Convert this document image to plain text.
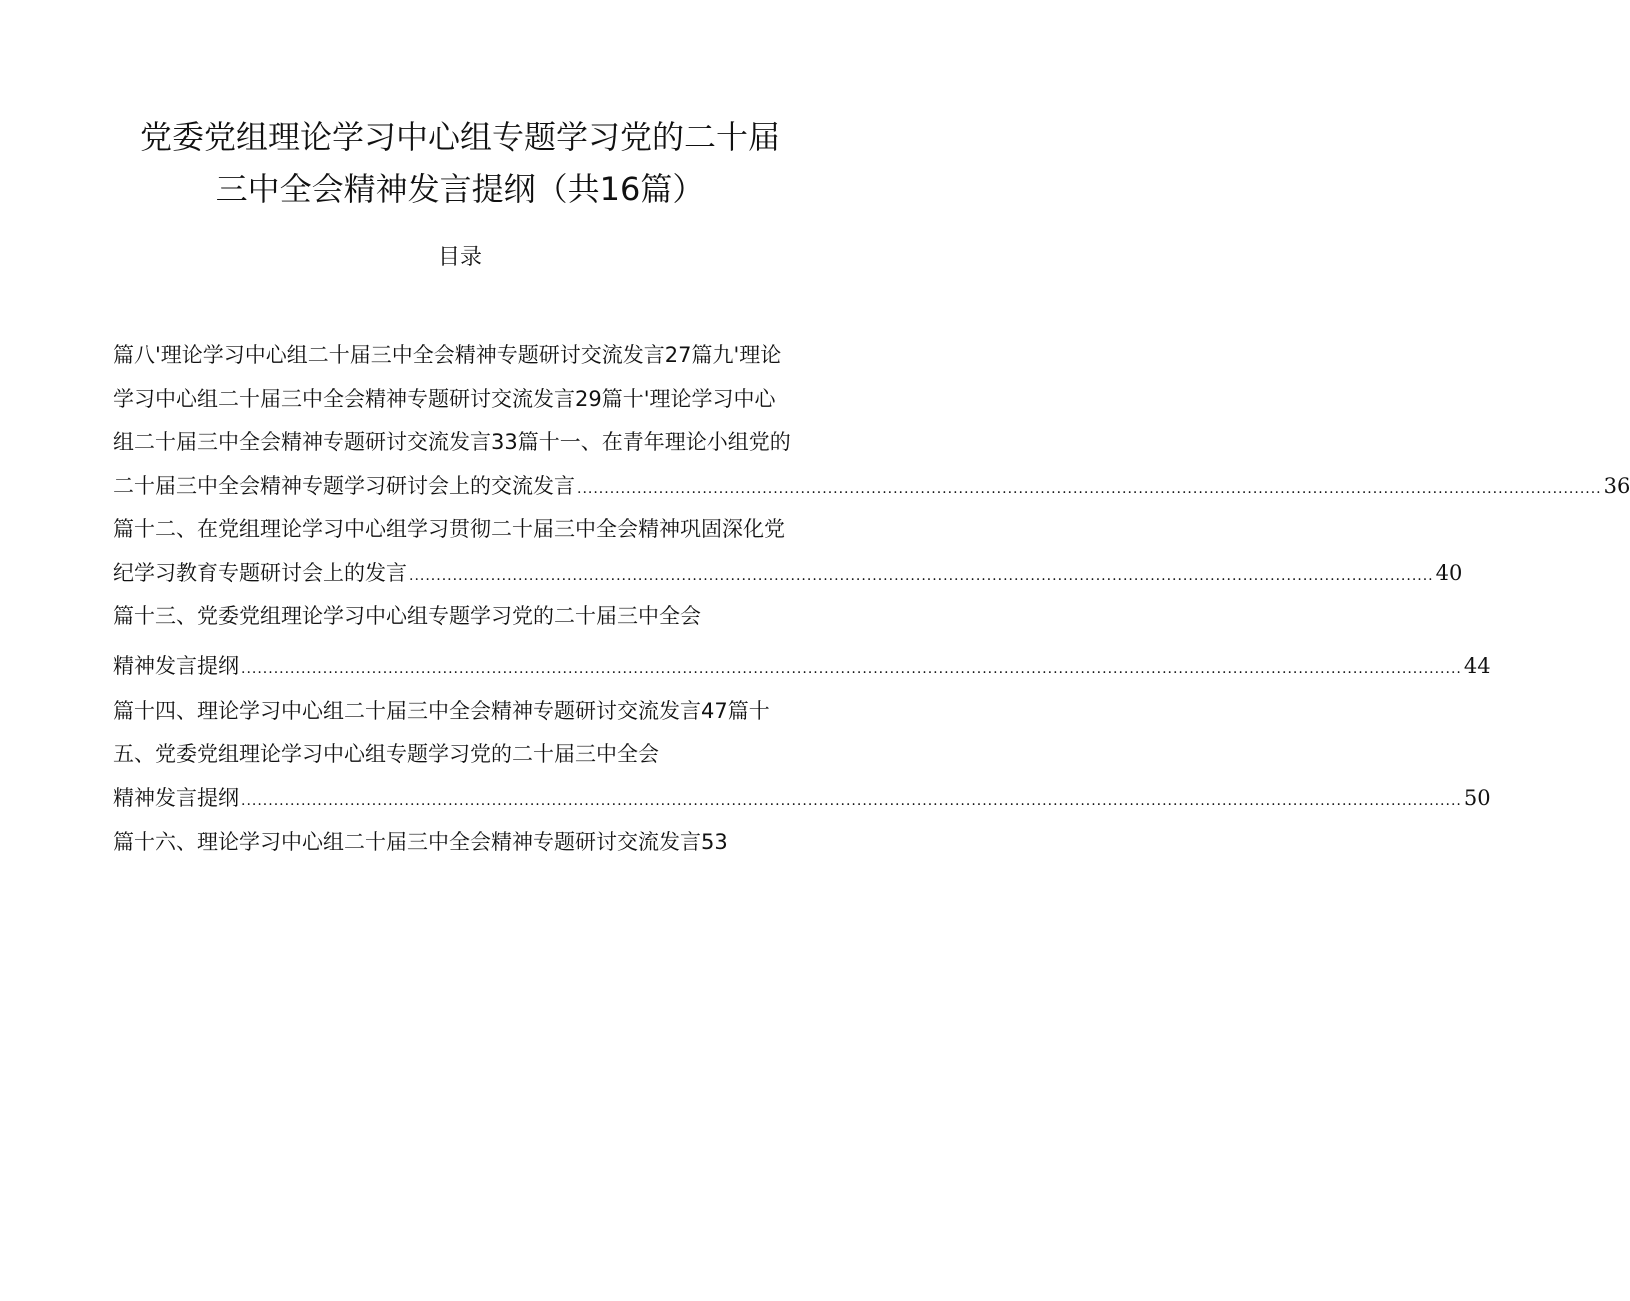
党委党组理论学习中心组专题学习党的二十届
三中全会精神发言提纲（共16篇）
目录
篇八'理论学习中心组二十届三中全会精神专题研讨交流发言27篇九'理论
学习中心组二十届三中全会精神专题研讨交流发言29篇十'理论学习中心
组二十届三中全会精神专题研讨交流发言33篇十一、在青年理论小组党的
二十届三中全会精神专题学习研讨会上的交流发言 ............................................................................................................................................................................................ 36
篇十二、在党组理论学习中心组学习贯彻二十届三中全会精神巩固深化党
纪学习教育专题研讨会上的发言 ............................................................................................................................................................................................ 40
篇十三、党委党组理论学习中心组专题学习党的二十届三中全会
精神发言提纲 ................................................................................................................................................................................................................................ 44
篇十四、理论学习中心组二十届三中全会精神专题研讨交流发言47篇十
五、党委党组理论学习中心组专题学习党的二十届三中全会
精神发言提纲 ................................................................................................................................................................................................................................ 50
篇十六、理论学习中心组二十届三中全会精神专题研讨交流发言53
